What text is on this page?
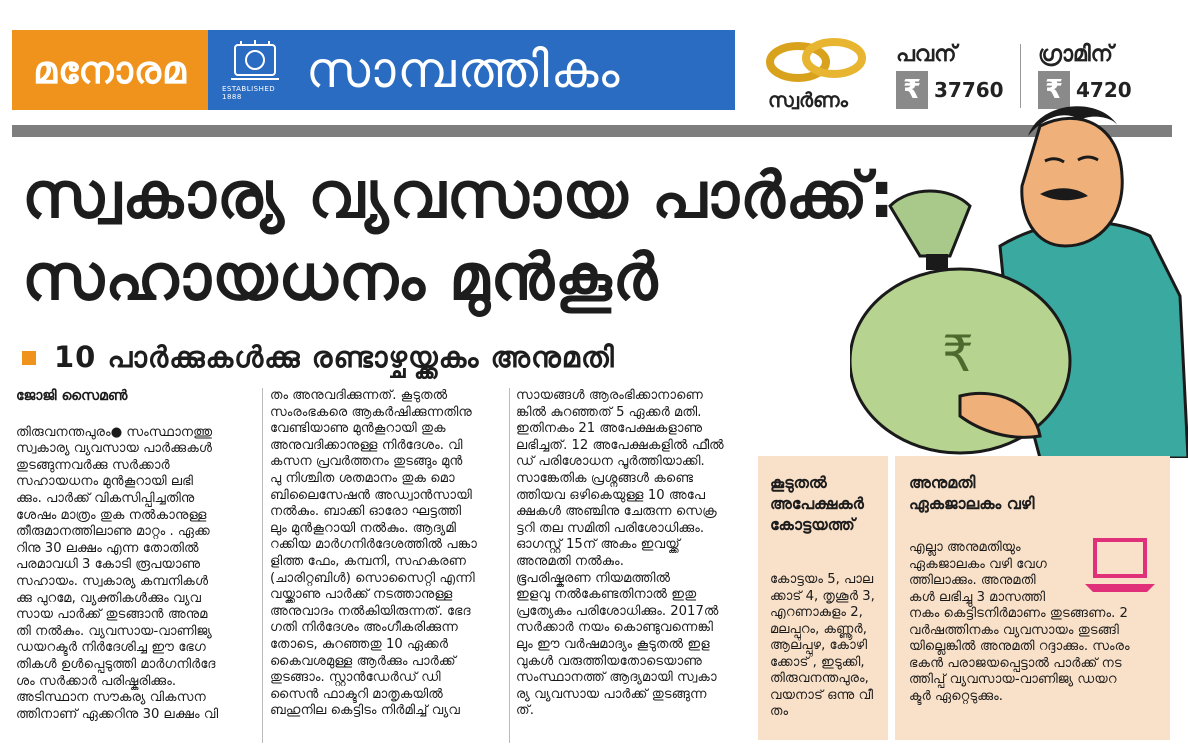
മനോരമ	ESTABLISHED 1888	സാമ്പത്തികം
സ്വർണം
പവന്
₹ 37760
ഗ്രാമിന്
₹ 4720
₹
സ്വകാര്യ വ്യവസായ പാർക്ക്:
സഹായധനം മുൻകൂർ
10 പാർക്കുകൾക്കു രണ്ടാഴ്ചയ്ക്കകം അനുമതി
ജോജി സൈമൺ

തിരുവനന്തപുരം● സംസ്ഥാനത്തു

സ്വകാര്യ വ്യവസായ പാർക്കുകൾ

തുടങ്ങുന്നവർക്കു സർക്കാർ

സഹായധനം മുൻകൂറായി ലഭി

ക്കും. പാർക്ക് വികസിപ്പിച്ചതിനു

ശേഷം മാത്രം തുക നൽകാനുള്ള

തീരുമാനത്തിലാണു മാറ്റം . ഏക്ക

റിനു 30 ലക്ഷം എന്ന തോതിൽ

പരമാവധി 3 കോടി രൂപയാണു

സഹായം. സ്വകാര്യ കമ്പനികൾ

ക്കു പുറമേ, വ്യക്തികൾക്കും വ്യവ

സായ പാർക്ക് തുടങ്ങാൻ അനുമ

തി നൽകും. വ്യവസായ-വാണിജ്യ

ഡയറക്ടർ നിർദേശിച്ച ഈ ഭേഗ

തികൾ ഉൾപ്പെടുത്തി മാർഗനിർദേ

ശം സർക്കാർ പരിഷ്കരിക്കും.

അടിസ്ഥാന സൗകര്യ വികസന

ത്തിനാണ് ഏക്കറിനു 30 ലക്ഷം വി

തം അനുവദിക്കുന്നത്. കൂടുതൽ

സംരംഭകരെ ആകർഷിക്കുന്നതിനു

വേണ്ടിയാണു മുൻകൂറായി തുക

അനുവദിക്കാനുള്ള നിർദേശം. വി

കസന പ്രവർത്തനം തുടങ്ങും മുൻ

പു നിശ്ചിത ശതമാനം തുക മൊ

ബിലൈസേഷൻ അഡ്വാൻസായി

നൽകും. ബാക്കി ഓരോ ഘട്ടത്തി

ലും മുൻകൂറായി നൽകും. ആദ്യമി

റക്കിയ മാർഗനിർദേശത്തിൽ പങ്കാ

ളിത്ത ഫേം, കമ്പനി, സഹകരണ

(ചാരിറ്റബിൾ) സൊസൈറ്റി എന്നി

വയ്ക്കാണു പാർക്ക് നടത്താനുള്ള

അനുവാദം നൽകിയിരുന്നത്. ഭേദ

ഗതി നിർദേശം അംഗീകരിക്കുന്ന

തോടെ, കുറഞ്ഞതു 10 ഏക്കർ

കൈവശമുള്ള ആർക്കും പാർക്ക്

തുടങ്ങാം. സ്റ്റാൻഡേർഡ് ഡി

സൈൻ ഫാക്ടറി മാതൃകയിൽ

ബഹുനില കെട്ടിടം നിർമിച്ച് വ്യവ

സായങ്ങൾ ആരംഭിക്കാനാണെ

ങ്കിൽ കുറഞ്ഞത് 5 ഏക്കർ മതി.

ഇതിനകം 21 അപേക്ഷകളാണു

ലഭിച്ചത്. 12 അപേക്ഷകളിൽ ഫീൽ

ഡ് പരിശോധന പൂർത്തിയാക്കി.

സാങ്കേതിക പ്രശ്നങ്ങൾ കണ്ടെ

ത്തിയവ ഒഴികെയുള്ള 10 അപേ

ക്ഷകൾ അഞ്ചിനു ചേരുന്ന സെക്ര

ട്ടറി തല സമിതി പരിശോധിക്കും.

ഓഗസ്റ്റ് 15ന് അകം ഇവയ്ക്ക്

അനുമതി നൽകും.

ഭൂപരിഷ്കരണ നിയമത്തിൽ

ഇളവു നൽകേണ്ടതിനാൽ ഇതു

പ്രത്യേകം പരിശോധിക്കും. 2017ൽ

സർക്കാർ നയം കൊണ്ടുവന്നെങ്കി

ലും ഈ വർഷമാദ്യം കൂടുതൽ ഇള

വുകൾ വരുത്തിയതോടെയാണു

സംസ്ഥാനത്ത് ആദ്യമായി സ്വകാ

ര്യ വ്യവസായ പാർക്ക് തുടങ്ങുന്ന

ത്.

കൂടുതൽ
അപേക്ഷകർ
കോട്ടയത്ത്

കോട്ടയം 5, പാല

ക്കാട് 4, തൃശൂർ 3,

എറണാകുളം 2,

മലപ്പുറം, കണ്ണൂർ,

ആലപ്പുഴ, കോഴി

ക്കോട് , ഇടുക്കി,

തിരുവനന്തപുരം,

വയനാട് ഒന്നു വീ

തം

അനുമതി
ഏകജാലകം വഴി

എല്ലാ അനുമതിയും

ഏകജാലകം വഴി വേഗ

ത്തിലാക്കും. അനുമതി

കൾ ലഭിച്ചു 3 മാസത്തി

നകം കെട്ടിടനിർമാണം തുടങ്ങണം. 2

വർഷത്തിനകം വ്യവസായം തുടങ്ങി

യില്ലെങ്കിൽ അനുമതി റദ്ദാക്കും. സംരം

ഭകൻ പരാജയപ്പെട്ടാൽ പാർക്ക് നട

ത്തിപ്പ് വ്യവസായ-വാണിജ്യ ഡയറ

ക്ടർ ഏറ്റെടുക്കും.
